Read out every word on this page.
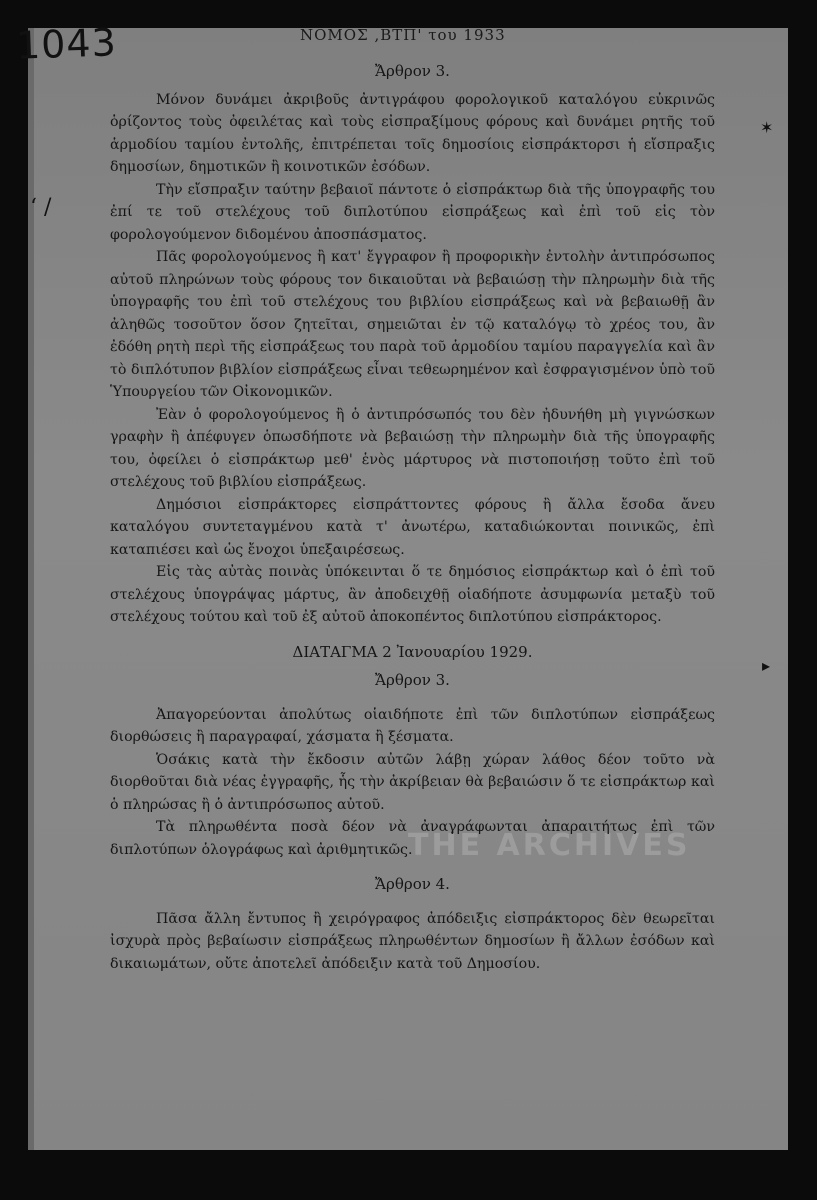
THE ARCHIVES
1043	ΝΟΜΟΣ ,ΒΤΠ' του 1933
✶
ʻ /
▸

Ἄρθρον 3.

Μόνον δυνάμει ἀκριβοῦς ἀντιγράφου φορολογικοῦ καταλόγου εὐκρινῶς ὁρίζοντος τοὺς ὀφειλέτας καὶ τοὺς εἰσπραξίμους φόρους καὶ δυνάμει ρητῆς τοῦ ἁρμοδίου ταμίου ἐντολῆς, ἐπιτρέπεται τοῖς δημοσίοις εἰσπράκτορσι ἡ εἴσπραξις δημοσίων, δημοτικῶν ἢ κοινοτικῶν ἐσόδων.

Τὴν εἴσπραξιν ταύτην βεβαιοῖ πάντοτε ὁ εἰσπράκτωρ διὰ τῆς ὑπογραφῆς του ἐπί τε τοῦ στελέχους τοῦ διπλοτύπου εἰσπράξεως καὶ ἐπὶ τοῦ εἰς τὸν φορολογούμενον διδομένου ἀποσπάσματος.

Πᾶς φορολογούμενος ἢ κατ' ἔγγραφον ἢ προφορικὴν ἐντολὴν ἀντιπρόσωπος αὐτοῦ πληρώνων τοὺς φόρους τον δικαιοῦται νὰ βεβαιώσῃ τὴν πληρωμὴν διὰ τῆς ὑπογραφῆς του ἐπὶ τοῦ στελέχους του βιβλίου εἰσπράξεως καὶ νὰ βεβαιωθῇ ἂν ἀληθῶς τοσοῦτον ὅσον ζητεῖται, σημειῶται ἐν τῷ καταλόγῳ τὸ χρέος του, ἂν ἐδόθη ρητὴ περὶ τῆς εἰσπράξεως του παρὰ τοῦ ἁρμοδίου ταμίου παραγγελία καὶ ἂν τὸ διπλότυπον βιβλίον εἰσπράξεως εἶναι τεθεωρημένον καὶ ἐσφραγισμένον ὑπὸ τοῦ Ὑπουργείου τῶν Οἰκονομικῶν.

Ἐὰν ὁ φορολογούμενος ἢ ὁ ἀντιπρόσωπός του δὲν ἠδυνήθη μὴ γιγνώσκων γραφὴν ἢ ἀπέφυγεν ὁπωσδήποτε νὰ βεβαιώσῃ τὴν πληρωμὴν διὰ τῆς ὑπογραφῆς του, ὀφείλει ὁ εἰσπράκτωρ μεθ' ἑνὸς μάρτυρος νὰ πιστοποιήσῃ τοῦτο ἐπὶ τοῦ στελέχους τοῦ βιβλίου εἰσπράξεως.

Δημόσιοι εἰσπράκτορες εἰσπράττοντες φόρους ἢ ἄλλα ἔσοδα ἄνευ καταλόγου συντεταγμένου κατὰ τ' ἀνωτέρω, καταδιώκονται ποινικῶς, ἐπὶ καταπιέσει καὶ ὡς ἔνοχοι ὑπεξαιρέσεως.

Εἰς τὰς αὐτὰς ποινὰς ὑπόκεινται ὅ τε δημόσιος εἰσπράκτωρ καὶ ὁ ἐπὶ τοῦ στελέχους ὑπογράψας μάρτυς, ἂν ἀποδειχθῇ οἱαδήποτε ἀσυμφωνία μεταξὺ τοῦ στελέχους τούτου καὶ τοῦ ἐξ αὐτοῦ ἀποκοπέντος διπλοτύπου εἰσπράκτορος.

ΔΙΑΤΑΓΜΑ 2 Ἰανουαρίου 1929.

Ἄρθρον 3.

Ἀπαγορεύονται ἀπολύτως οἱαιδήποτε ἐπὶ τῶν διπλοτύπων εἰσπράξεως διορθώσεις ἢ παραγραφαί, χάσματα ἢ ξέσματα.

Ὁσάκις κατὰ τὴν ἔκδοσιν αὐτῶν λάβῃ χώραν λάθος δέον τοῦτο νὰ διορθοῦται διὰ νέας ἐγγραφῆς, ἧς τὴν ἀκρίβειαν θὰ βεβαιώσιν ὅ τε εἰσπράκτωρ καὶ ὁ πληρώσας ἢ ὁ ἀντιπρόσωπος αὐτοῦ.

Τὰ πληρωθέντα ποσὰ δέον νὰ ἀναγράφωνται ἀπαραιτήτως ἐπὶ τῶν διπλοτύπων ὁλογράφως καὶ ἀριθμητικῶς.

Ἄρθρον 4.

Πᾶσα ἄλλη ἔντυπος ἢ χειρόγραφος ἀπόδειξις εἰσπράκτορος δὲν θεωρεῖται ἰσχυρὰ πρὸς βεβαίωσιν εἰσπράξεως πληρωθέντων δημοσίων ἢ ἄλλων ἐσόδων καὶ δικαιωμάτων, οὔτε ἀποτελεῖ ἀπόδειξιν κατὰ τοῦ Δημοσίου.
